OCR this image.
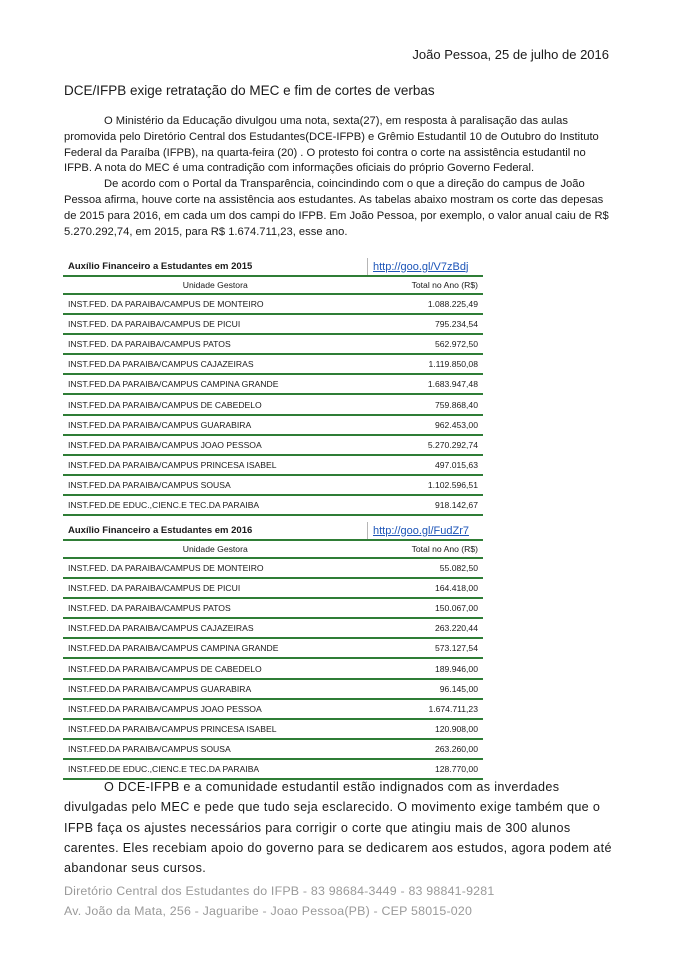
João Pessoa, 25 de julho de 2016
DCE/IFPB exige retratação do MEC e fim de cortes de verbas

O Ministério da Educação divulgou uma nota, sexta(27), em resposta à paralisação das aulas promovida pelo Diretório Central dos Estudantes(DCE-IFPB) e Grêmio Estudantil 10 de Outubro do Instituto Federal da Paraíba (IFPB), na quarta-feira (20) . O protesto foi contra o corte na assistência estudantil no IFPB. A nota do MEC é uma contradição com informações oficiais do próprio Governo Federal.

De acordo com o Portal da Transparência, coincindindo com o que a direção do campus de João Pessoa afirma, houve corte na assistência aos estudantes. As tabelas abaixo mostram os corte das depesas de 2015 para 2016, em cada um dos campi do IFPB. Em João Pessoa, por exemplo, o valor anual caiu de R$ 5.270.292,74, em 2015, para R$ 1.674.711,23, esse ano.

Auxílio Financeiro a Estudantes em 2015	http://goo.gl/V7zBdj
Unidade Gestora	Total no Ano (R$)
INST.FED. DA PARAIBA/CAMPUS DE MONTEIRO	1.088.225,49
INST.FED. DA PARAIBA/CAMPUS DE PICUI	795.234,54
INST.FED. DA PARAIBA/CAMPUS PATOS	562.972,50
INST.FED.DA PARAIBA/CAMPUS CAJAZEIRAS	1.119.850,08
INST.FED.DA PARAIBA/CAMPUS CAMPINA GRANDE	1.683.947,48
INST.FED.DA PARAIBA/CAMPUS DE CABEDELO	759.868,40
INST.FED.DA PARAIBA/CAMPUS GUARABIRA	962.453,00
INST.FED.DA PARAIBA/CAMPUS JOAO PESSOA	5.270.292,74
INST.FED.DA PARAIBA/CAMPUS PRINCESA ISABEL	497.015,63
INST.FED.DA PARAIBA/CAMPUS SOUSA	1.102.596,51
INST.FED.DE EDUC.,CIENC.E TEC.DA PARAIBA	918.142,67
Auxílio Financeiro a Estudantes em 2016	http://goo.gl/FudZr7
Unidade Gestora	Total no Ano (R$)
INST.FED. DA PARAIBA/CAMPUS DE MONTEIRO	55.082,50
INST.FED. DA PARAIBA/CAMPUS DE PICUI	164.418,00
INST.FED. DA PARAIBA/CAMPUS PATOS	150.067,00
INST.FED.DA PARAIBA/CAMPUS CAJAZEIRAS	263.220,44
INST.FED.DA PARAIBA/CAMPUS CAMPINA GRANDE	573.127,54
INST.FED.DA PARAIBA/CAMPUS DE CABEDELO	189.946,00
INST.FED.DA PARAIBA/CAMPUS GUARABIRA	96.145,00
INST.FED.DA PARAIBA/CAMPUS JOAO PESSOA	1.674.711,23
INST.FED.DA PARAIBA/CAMPUS PRINCESA ISABEL	120.908,00
INST.FED.DA PARAIBA/CAMPUS SOUSA	263.260,00
INST.FED.DE EDUC.,CIENC.E TEC.DA PARAIBA	128.770,00

O DCE-IFPB e a comunidade estudantil estão indignados com as inverdades divulgadas pelo MEC e pede que tudo seja esclarecido. O movimento exige também que o IFPB faça os ajustes necessários para corrigir o corte que atingiu mais de 300 alunos carentes. Eles recebiam apoio do governo para se dedicarem aos estudos, agora podem até abandonar seus cursos.

Diretório Central dos Estudantes do IFPB - 83 98684-3449 - 83 98841-9281
Av. João da Mata, 256 - Jaguaribe - Joao Pessoa(PB) - CEP 58015-020
